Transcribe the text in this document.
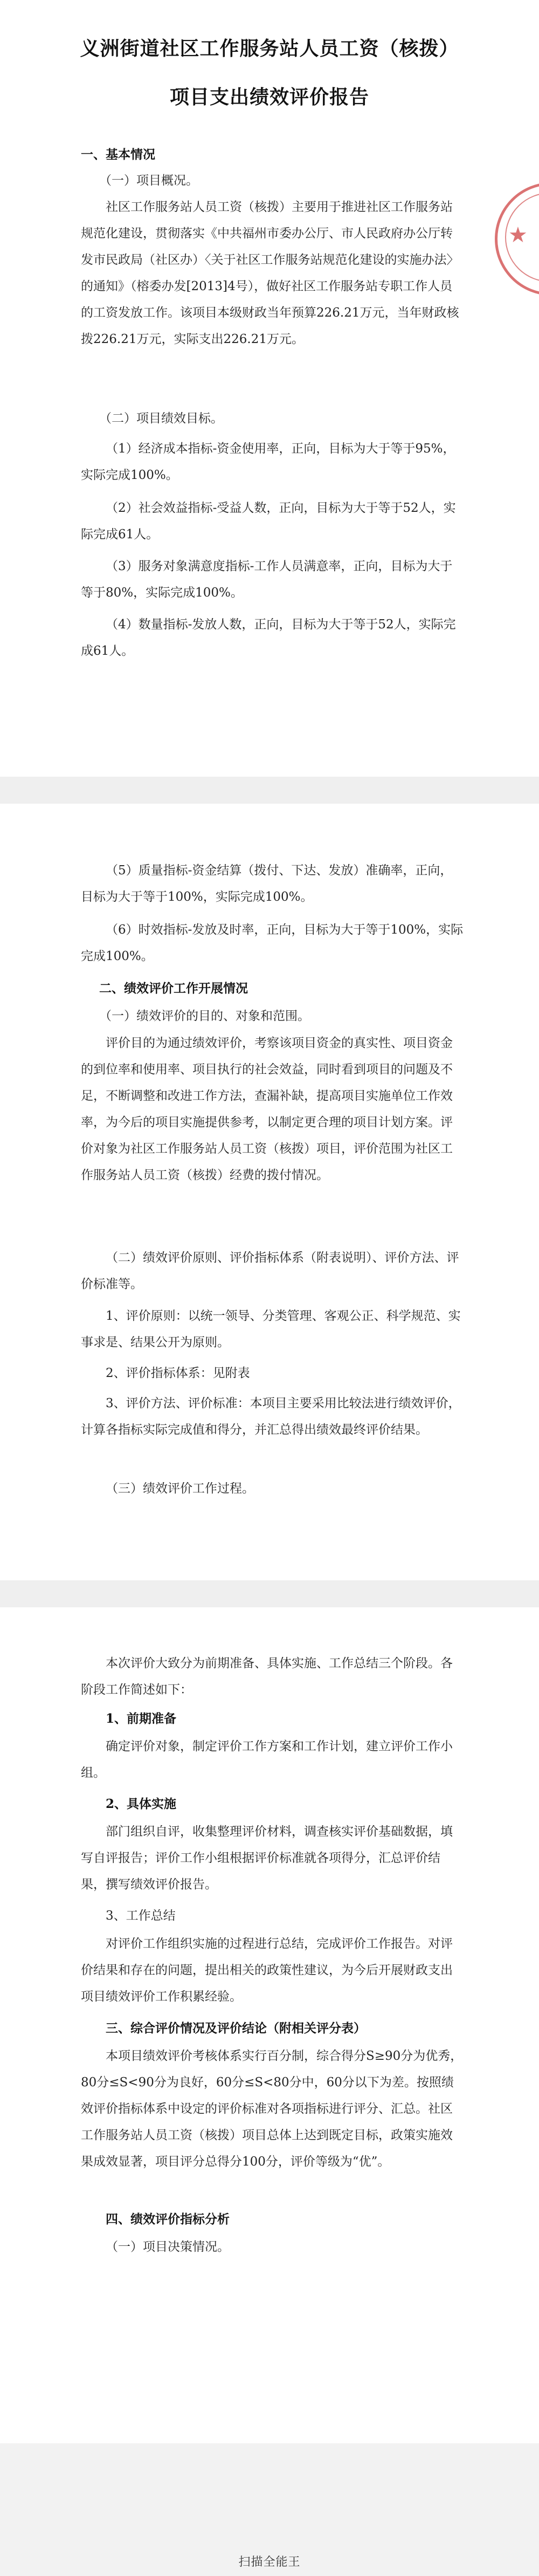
义洲街道社区工作服务站人员工资（核拨）
项目支出绩效评价报告

一、基本情况

（一）项目概况。

社区工作服务站人员工资（核拨）主要用于推进社区工作服务站规范化建设，贯彻落实《中共福州市委办公厅、市人民政府办公厅转发市民政局（社区办）〈关于社区工作服务站规范化建设的实施办法〉的通知》（榕委办发[2013]4号），做好社区工作服务站专职工作人员的工资发放工作。该项目本级财政当年预算226.21万元，当年财政核拨226.21万元，实际支出226.21万元。

（二）项目绩效目标。

（1）经济成本指标-资金使用率，正向，目标为大于等于95%，实际完成100%。

（2）社会效益指标-受益人数，正向，目标为大于等于52人，实际完成61人。

（3）服务对象满意度指标-工作人员满意率，正向，目标为大于等于80%，实际完成100%。

（4）数量指标-发放人数，正向，目标为大于等于52人，实际完成61人。

★

（5）质量指标-资金结算（拨付、下达、发放）准确率，正向，目标为大于等于100%，实际完成100%。

（6）时效指标-发放及时率，正向，目标为大于等于100%，实际完成100%。

二、绩效评价工作开展情况

（一）绩效评价的目的、对象和范围。

评价目的为通过绩效评价，考察该项目资金的真实性、项目资金的到位率和使用率、项目执行的社会效益，同时看到项目的问题及不足，不断调整和改进工作方法，查漏补缺，提高项目实施单位工作效率，为今后的项目实施提供参考，以制定更合理的项目计划方案。评价对象为社区工作服务站人员工资（核拨）项目，评价范围为社区工作服务站人员工资（核拨）经费的拨付情况。

（二）绩效评价原则、评价指标体系（附表说明）、评价方法、评价标准等。

1、评价原则：以统一领导、分类管理、客观公正、科学规范、实事求是、结果公开为原则。

2、评价指标体系：见附表

3、评价方法、评价标准：本项目主要采用比较法进行绩效评价，计算各指标实际完成值和得分，并汇总得出绩效最终评价结果。

（三）绩效评价工作过程。

本次评价大致分为前期准备、具体实施、工作总结三个阶段。各阶段工作简述如下：

1、前期准备

确定评价对象，制定评价工作方案和工作计划，建立评价工作小组。

2、具体实施

部门组织自评，收集整理评价材料，调查核实评价基础数据，填写自评报告；评价工作小组根据评价标准就各项得分，汇总评价结果，撰写绩效评价报告。

3、工作总结

对评价工作组织实施的过程进行总结，完成评价工作报告。对评价结果和存在的问题，提出相关的政策性建议，为今后开展财政支出项目绩效评价工作积累经验。

三、综合评价情况及评价结论（附相关评分表）

本项目绩效评价考核体系实行百分制，综合得分S≥90分为优秀，80分≤S<90分为良好，60分≤S<80分中，60分以下为差。按照绩效评价指标体系中设定的评价标准对各项指标进行评分、汇总。社区工作服务站人员工资（核拨）项目总体上达到既定目标，政策实施效果成效显著，项目评分总得分100分，评价等级为“优”。

四、绩效评价指标分析

（一）项目决策情况。

扫描全能王
